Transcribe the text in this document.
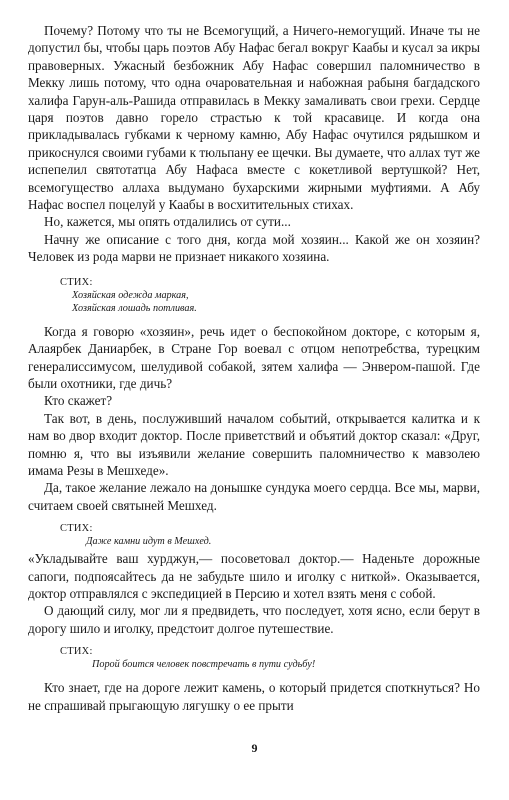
Почему? Потому что ты не Всемогущий, а Ничего-немогущий. Иначе ты не допустил бы, чтобы царь поэтов Абу Нафас бегал вокруг Каабы и кусал за икры правоверных. Ужасный безбожник Абу Нафас совершил паломничество в Мекку лишь потому, что одна очаровательная и набожная рабыня багдадского халифа Гарун-аль-Рашида отправилась в Мекку замаливать свои грехи. Сердце царя поэтов давно горело страстью к той красавице. И когда она прикладывалась губками к черному камню, Абу Нафас очутился рядышком и прикоснулся своими губами к тюльпану ее щечки. Вы думаете, что аллах тут же испепелил святотатца Абу Нафаса вместе с кокетливой вертушкой? Нет, всемогущество аллаха выдумано бухарскими жирными муфтиями. А Абу Нафас воспел поцелуй у Каабы в восхитительных стихах.

Но, кажется, мы опять отдалились от сути...

Начну же описание с того дня, когда мой хозяин... Какой же он хозяин? Человек из рода марви не признает никакого хозяина.

СТИХ:
Хозяйская одежда маркая,
Хозяйская лошадь потливая.

Когда я говорю «хозяин», речь идет о беспокойном докторе, с которым я, Алаярбек Даниарбек, в Стране Гор воевал с отцом непотребства, турецким генералиссимусом, шелудивой собакой, зятем халифа — Энвером-пашой. Где были охотники, где дичь?

Кто скажет?

Так вот, в день, послуживший началом событий, открывается калитка и к нам во двор входит доктор. После приветствий и объятий доктор сказал: «Друг, помню я, что вы изъявили желание совершить паломничество к мавзолею имама Резы в Мешхеде».

Да, такое желание лежало на донышке сундука моего сердца. Все мы, марви, считаем своей святыней Мешхед.

СТИХ:
Даже камни идут в Мешхед.

«Укладывайте ваш хурджун,— посоветовал доктор.— Наденьте дорожные сапоги, подпоясайтесь да не забудьте шило и иголку с ниткой». Оказывается, доктор отправлялся с экспедицией в Персию и хотел взять меня с собой.

О дающий силу, мог ли я предвидеть, что последует, хотя ясно, если берут в дорогу шило и иголку, предстоит долгое путешествие.

СТИХ:
Порой боится человек повстречать в пути судьбу!

Кто знает, где на дороге лежит камень, о который придется споткнуться? Но не спрашивай прыгающую лягушку о ее прыти

9
